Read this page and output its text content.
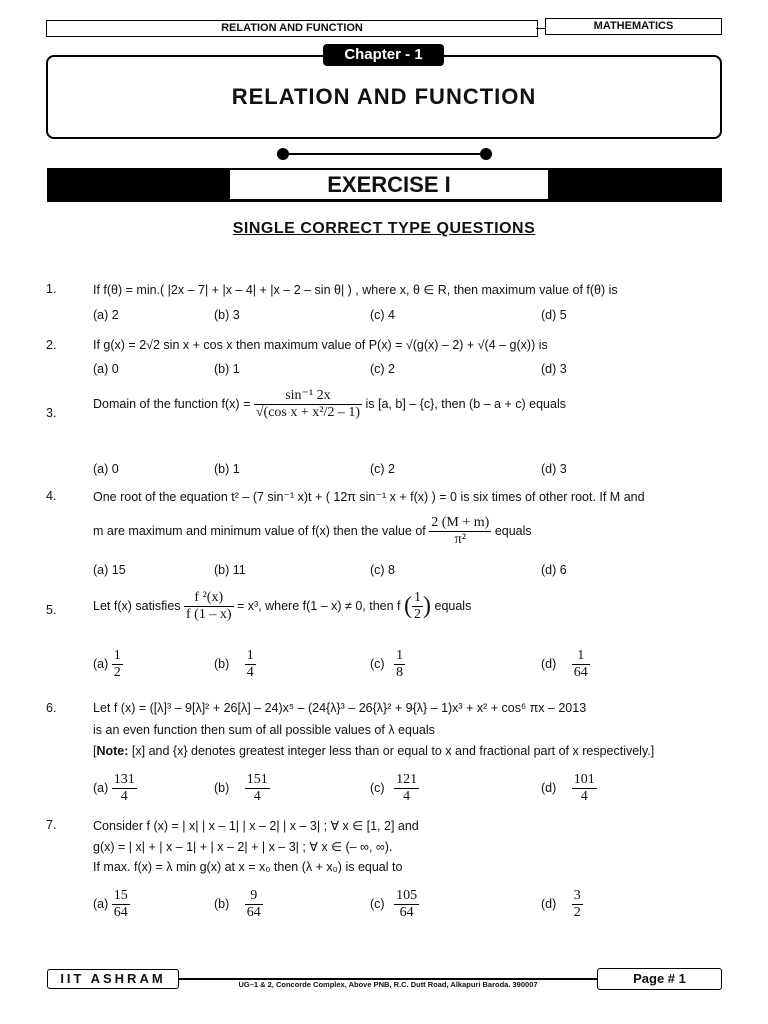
RELATION AND FUNCTION	MATHEMATICS
Chapter - 1
RELATION AND FUNCTION
EXERCISE I
SINGLE CORRECT TYPE QUESTIONS
1.	If f(θ) = min.( |2x – 7| + |x – 4| + |x – 2 – sin θ| ) , where x, θ ∈ R, then maximum value of f(θ) is
(a) 2	(b) 3	(c) 4	(d) 5
2.	If g(x) = 2√2 sin x + cos x then maximum value of P(x) = √(g(x) – 2) + √(4 – g(x)) is
(a) 0	(b) 1	(c) 2	(d) 3
3.
Domain of the function $f(x) = \frac{\text{sin⁻¹ 2x}}{\text{√(cos x + x²/2 – 1)}}$ is [a, b] – {c}, then (b – a + c) equals
(a) 0	(b) 1	(c) 2	(d) 3
4.	One root of the equation t² – (7 sin⁻¹ x)t + ( 12π sin⁻¹ x + f(x) ) = 0 is six times of other root. If M and
m are maximum and minimum value of f(x) then the value of $\frac{2 (M + m)}{\text{π²}}$ equals
(a) 15	(b) 11	(c) 8	(d) 6
5.	Let f(x) satisfies $\frac{\text{f ²(x)}}{f (1 - x)} = x^3$, where f(1 – x) ≠ 0, then f ( $\frac{1}{2}$ ) equals
$(a) \frac{1}{2}$	$(b) \frac{1}{4}$	$(c) \frac{1}{8}$	$(d) \frac{1}{64}$
6.	Let f (x) = ([λ]³ – 9[λ]² + 26[λ] – 24)x⁵ – (24{λ}³ – 26{λ}² + 9{λ} – 1)x³ + x² + cos⁶ πx – 2013
is an even function then sum of all possible values of λ equals
[Note: [x] and {x} denotes greatest integer less than or equal to x and fractional part of x respectively.]
$(a) \frac{131}{4}$	$(b) \frac{151}{4}$	$(c) \frac{121}{4}$	$(d) \frac{101}{4}$
7.	Consider f (x) = | x| | x – 1| | x – 2| | x – 3| ; ∀ x ∈ [1, 2] and
g(x) = | x| + | x – 1| + | x – 2| + | x – 3| ; ∀ x ∈ (– ∞, ∞).
If max. f(x) = λ min g(x) at x = x₀ then (λ + x₀) is equal to
$(a) \frac{15}{64}$	$(b) \frac{9}{64}$	$(c) \frac{105}{64}$	$(d) \frac{3}{2}$
IIT ASHRAM	UG–1 & 2, Concorde Complex, Above PNB, R.C. Dutt Road, Alkapuri Baroda. 390007	Page # 1
